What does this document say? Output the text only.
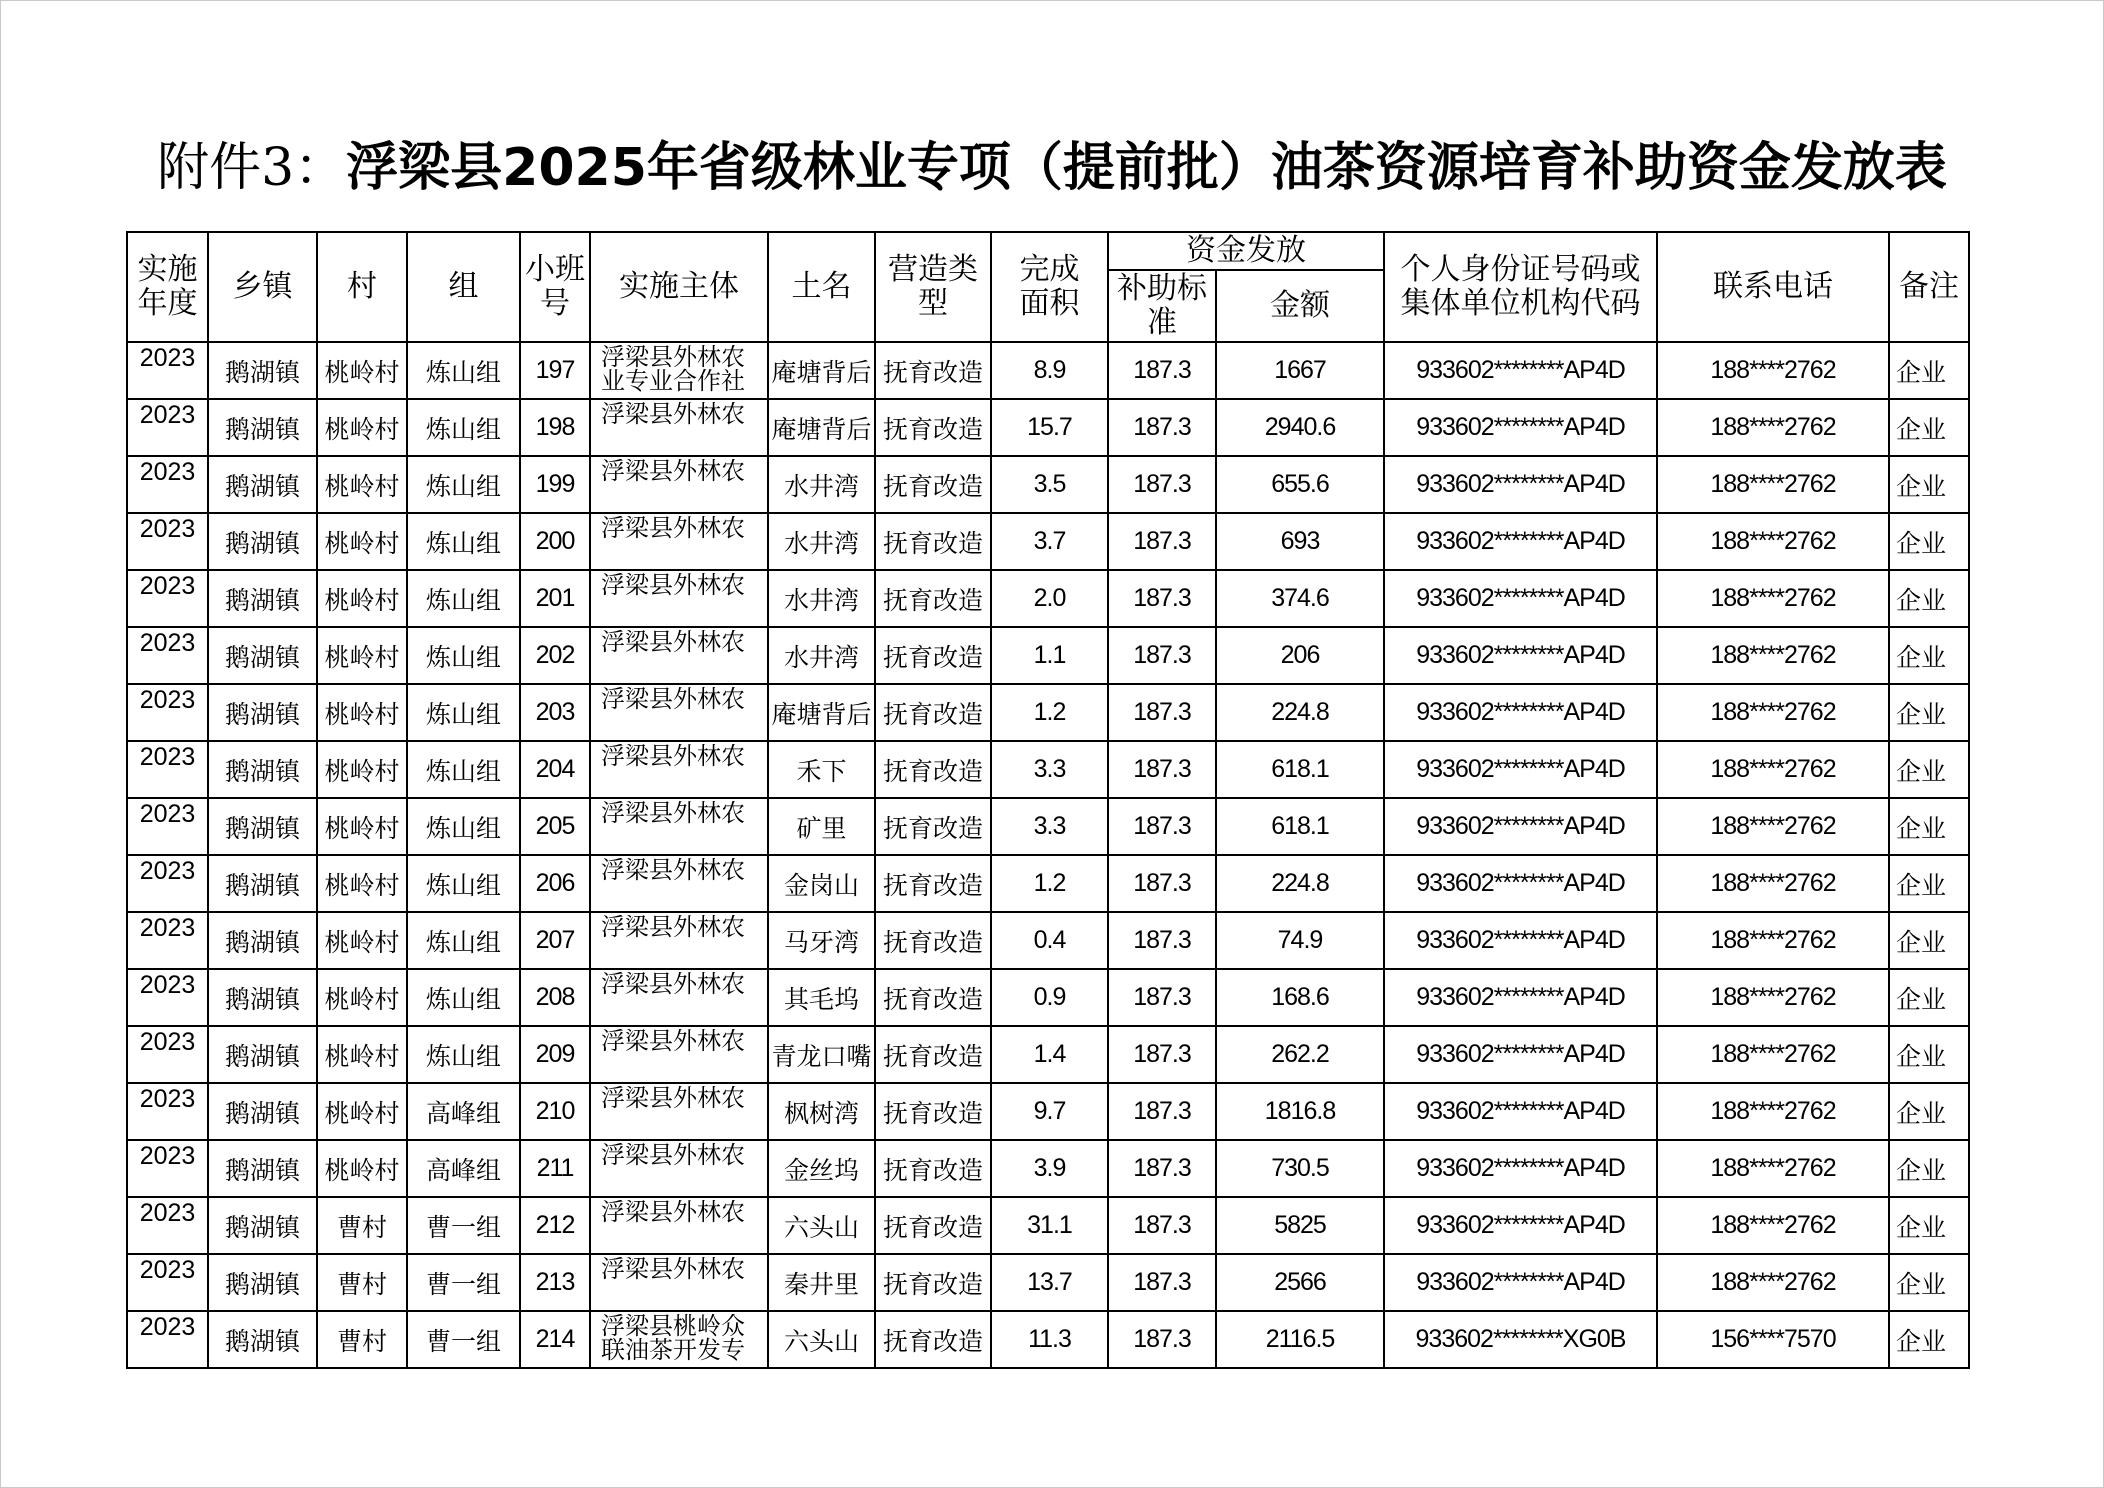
附件3：浮梁县2025年省级林业专项（提前批）油茶资源培育补助资金发放表
实施年度	乡镇	村	组	小班号	实施主体	土名	营造类型	完成面积	资金发放		个人身份证号码或集体单位机构代码	联系电话	备注
									补助标准	金额			
2023	鹅湖镇	桃岭村	炼山组	197	浮梁县外林农业专业合作社	庵塘背后	抚育改造	8.9	187.3	1667	933602********AP4D	188****2762	企业
2023	鹅湖镇	桃岭村	炼山组	198	浮梁县外林农	庵塘背后	抚育改造	15.7	187.3	2940.6	933602********AP4D	188****2762	企业
2023	鹅湖镇	桃岭村	炼山组	199	浮梁县外林农	水井湾	抚育改造	3.5	187.3	655.6	933602********AP4D	188****2762	企业
2023	鹅湖镇	桃岭村	炼山组	200	浮梁县外林农	水井湾	抚育改造	3.7	187.3	693	933602********AP4D	188****2762	企业
2023	鹅湖镇	桃岭村	炼山组	201	浮梁县外林农	水井湾	抚育改造	2.0	187.3	374.6	933602********AP4D	188****2762	企业
2023	鹅湖镇	桃岭村	炼山组	202	浮梁县外林农	水井湾	抚育改造	1.1	187.3	206	933602********AP4D	188****2762	企业
2023	鹅湖镇	桃岭村	炼山组	203	浮梁县外林农	庵塘背后	抚育改造	1.2	187.3	224.8	933602********AP4D	188****2762	企业
2023	鹅湖镇	桃岭村	炼山组	204	浮梁县外林农	禾下	抚育改造	3.3	187.3	618.1	933602********AP4D	188****2762	企业
2023	鹅湖镇	桃岭村	炼山组	205	浮梁县外林农	矿里	抚育改造	3.3	187.3	618.1	933602********AP4D	188****2762	企业
2023	鹅湖镇	桃岭村	炼山组	206	浮梁县外林农	金岗山	抚育改造	1.2	187.3	224.8	933602********AP4D	188****2762	企业
2023	鹅湖镇	桃岭村	炼山组	207	浮梁县外林农	马牙湾	抚育改造	0.4	187.3	74.9	933602********AP4D	188****2762	企业
2023	鹅湖镇	桃岭村	炼山组	208	浮梁县外林农	其毛坞	抚育改造	0.9	187.3	168.6	933602********AP4D	188****2762	企业
2023	鹅湖镇	桃岭村	炼山组	209	浮梁县外林农	青龙口嘴	抚育改造	1.4	187.3	262.2	933602********AP4D	188****2762	企业
2023	鹅湖镇	桃岭村	高峰组	210	浮梁县外林农	枫树湾	抚育改造	9.7	187.3	1816.8	933602********AP4D	188****2762	企业
2023	鹅湖镇	桃岭村	高峰组	211	浮梁县外林农	金丝坞	抚育改造	3.9	187.3	730.5	933602********AP4D	188****2762	企业
2023	鹅湖镇	曹村	曹一组	212	浮梁县外林农	六头山	抚育改造	31.1	187.3	5825	933602********AP4D	188****2762	企业
2023	鹅湖镇	曹村	曹一组	213	浮梁县外林农	秦井里	抚育改造	13.7	187.3	2566	933602********AP4D	188****2762	企业
2023	鹅湖镇	曹村	曹一组	214	浮梁县桃岭众联油茶开发专	六头山	抚育改造	11.3	187.3	2116.5	933602********XG0B	156****7570	企业
